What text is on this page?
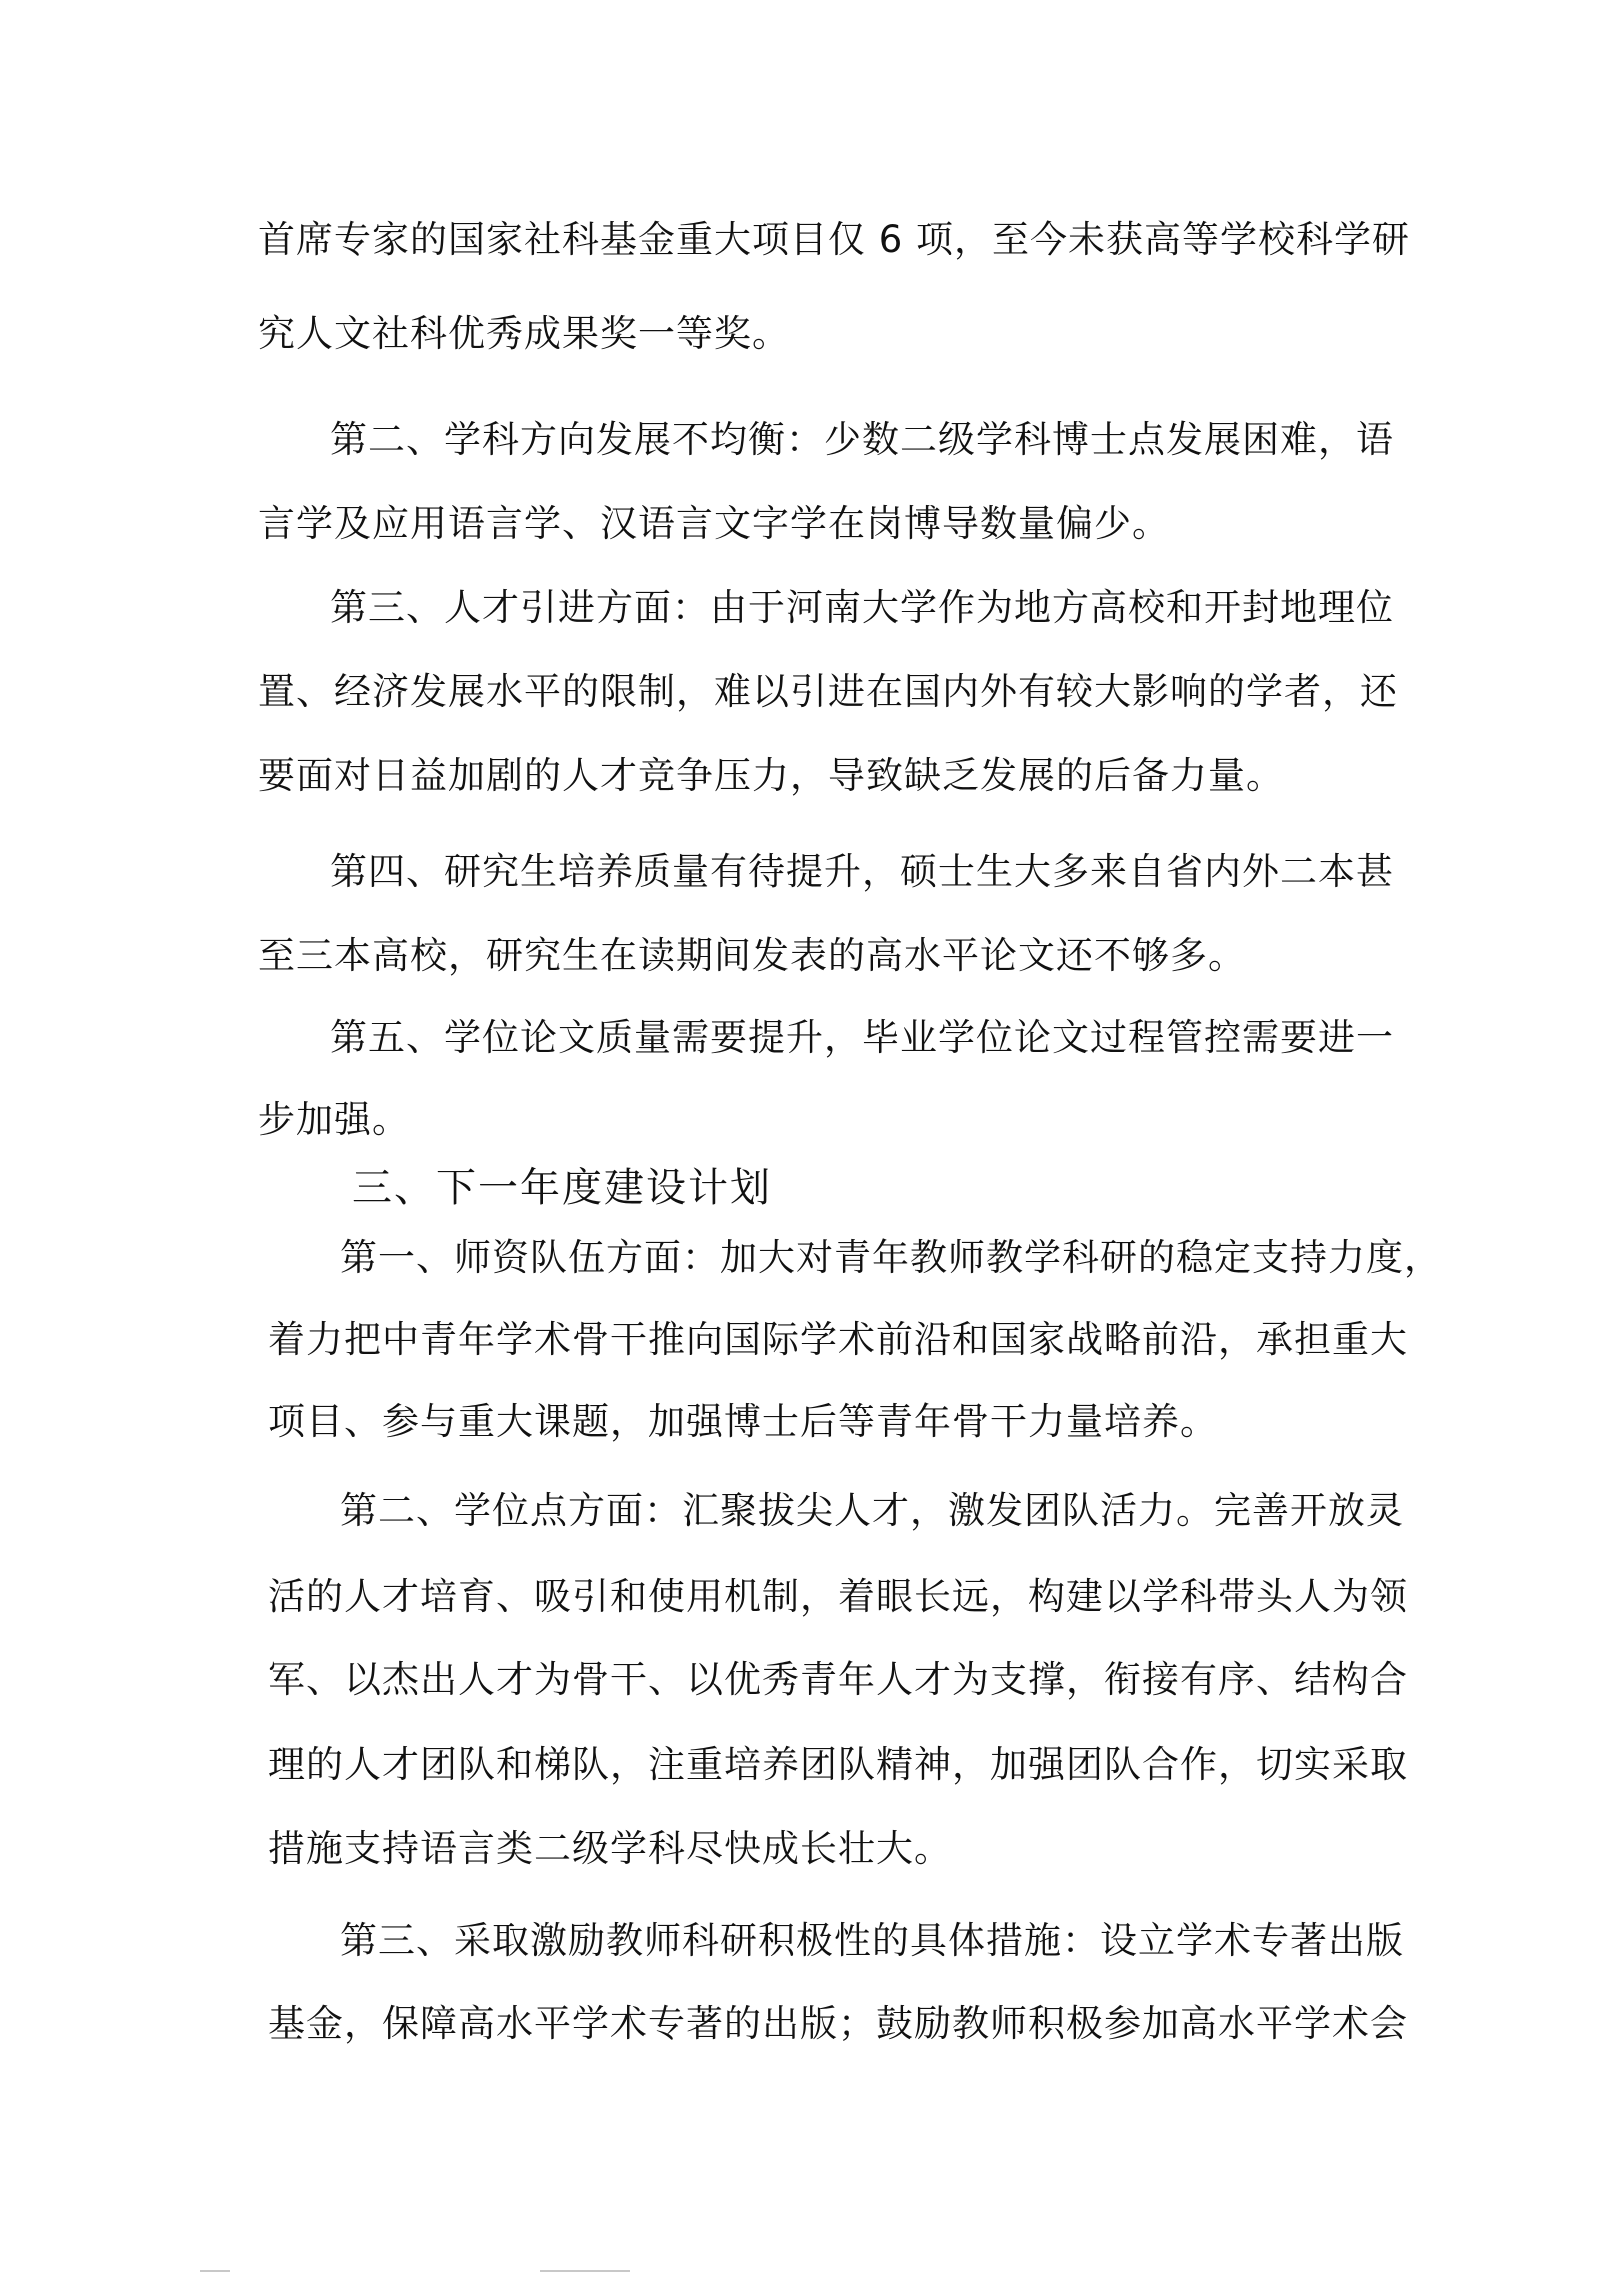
首席专家的国家社科基金重大项目仅 6 项，至今未获高等学校科学研
究人文社科优秀成果奖一等奖。
第二、学科方向发展不均衡：少数二级学科博士点发展困难，语
言学及应用语言学、汉语言文字学在岗博导数量偏少。
第三、人才引进方面：由于河南大学作为地方高校和开封地理位
置、经济发展水平的限制，难以引进在国内外有较大影响的学者，还
要面对日益加剧的人才竞争压力，导致缺乏发展的后备力量。
第四、研究生培养质量有待提升，硕士生大多来自省内外二本甚
至三本高校，研究生在读期间发表的高水平论文还不够多。
第五、学位论文质量需要提升，毕业学位论文过程管控需要进一
步加强。
三、下一年度建设计划
第一、师资队伍方面：加大对青年教师教学科研的稳定支持力度，
着力把中青年学术骨干推向国际学术前沿和国家战略前沿，承担重大
项目、参与重大课题，加强博士后等青年骨干力量培养。
第二、学位点方面：汇聚拔尖人才，激发团队活力。完善开放灵
活的人才培育、吸引和使用机制，着眼长远，构建以学科带头人为领
军、以杰出人才为骨干、以优秀青年人才为支撑，衔接有序、结构合
理的人才团队和梯队，注重培养团队精神，加强团队合作，切实采取
措施支持语言类二级学科尽快成长壮大。
第三、采取激励教师科研积极性的具体措施：设立学术专著出版
基金，保障高水平学术专著的出版；鼓励教师积极参加高水平学术会
